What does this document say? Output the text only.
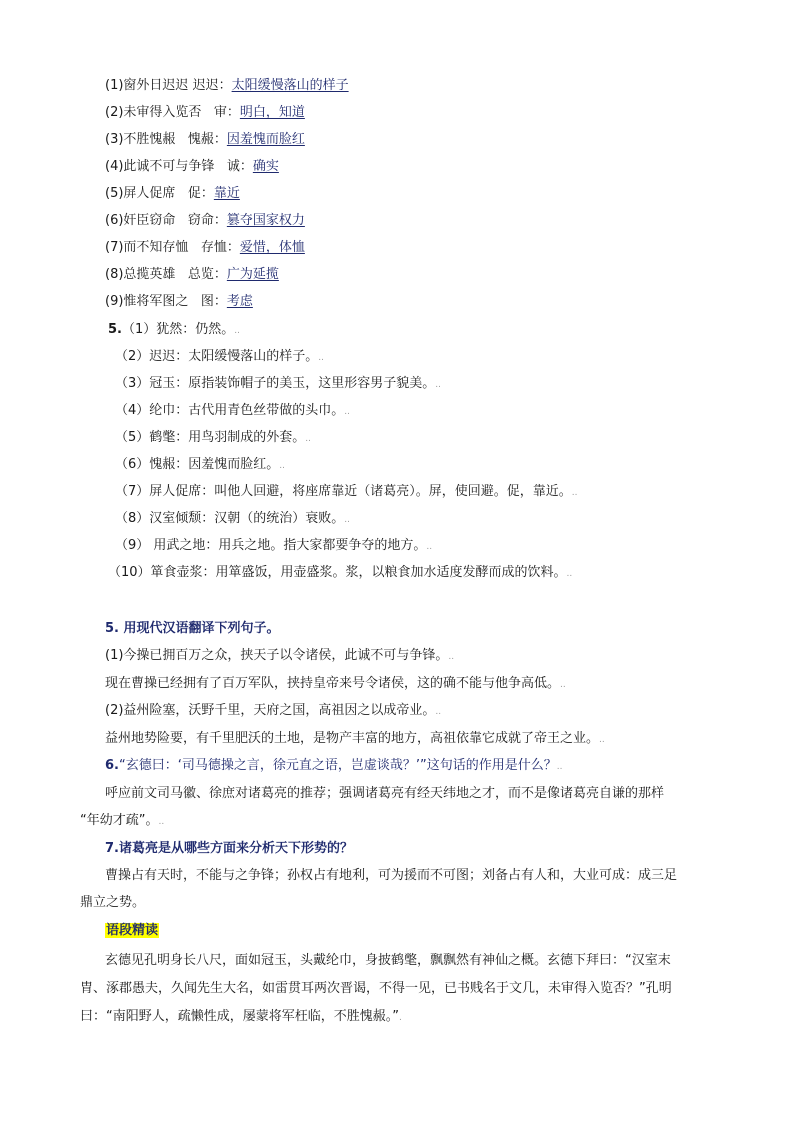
(1)窗外日迟迟 迟迟：太阳缓慢落山的样子
(2)未审得入览否 审：明白，知道
(3)不胜愧赧 愧赧：因羞愧而脸红
(4)此诚不可与争锋 诚：确实
(5)屏人促席 促：靠近
(6)奸臣窃命 窃命：篡夺国家权力
(7)而不知存恤 存恤：爱惜，体恤
(8)总揽英雄 总览：广为延揽
(9)惟将军图之 图：考虑
5.（1）犹然：仍然。..
（2）迟迟：太阳缓慢落山的样子。..
（3）冠玉：原指装饰帽子的美玉，这里形容男子貌美。..
（4）纶巾：古代用青色丝带做的头巾。..
（5）鹤氅：用鸟羽制成的外套。..
（6）愧赧：因羞愧而脸红。..
（7）屏人促席：叫他人回避，将座席靠近（诸葛亮）。屏，使回避。促，靠近。..
（8）汉室倾颓：汉朝（的统治）衰败。..
（9） 用武之地：用兵之地。指大家都要争夺的地方。..
（10）箪食壶浆：用箪盛饭，用壶盛浆。浆，以粮食加水适度发酵而成的饮料。..
5. 用现代汉语翻译下列句子。
(1)今操已拥百万之众，挟天子以令诸侯，此诚不可与争锋。..
现在曹操已经拥有了百万军队，挟持皇帝来号令诸侯，这的确不能与他争高低。..
(2)益州险塞，沃野千里，天府之国，高祖因之以成帝业。..
益州地势险要，有千里肥沃的土地，是物产丰富的地方，高祖依靠它成就了帝王之业。..
6.“玄德曰：‘司马德操之言，徐元直之语，岂虚谈哉？’”这句话的作用是什么？..
呼应前文司马徽、徐庶对诸葛亮的推荐；强调诸葛亮有经天纬地之才，而不是像诸葛亮自谦的那样
“年幼才疏”。..
7.诸葛亮是从哪些方面来分析天下形势的？
曹操占有天时，不能与之争锋；孙权占有地利，可为援而不可图；刘备占有人和，大业可成：成三足
鼎立之势。
语段精读
玄德见孔明身长八尺，面如冠玉，头戴纶巾，身披鹤氅，飘飘然有神仙之概。玄德下拜曰：“汉室末
胄、涿郡愚夫，久闻先生大名，如雷贯耳两次晋谒，不得一见，已书贱名于文几，未审得入览否？”孔明
曰：“南阳野人，疏懒性成，屡蒙将军枉临，不胜愧赧。”.
